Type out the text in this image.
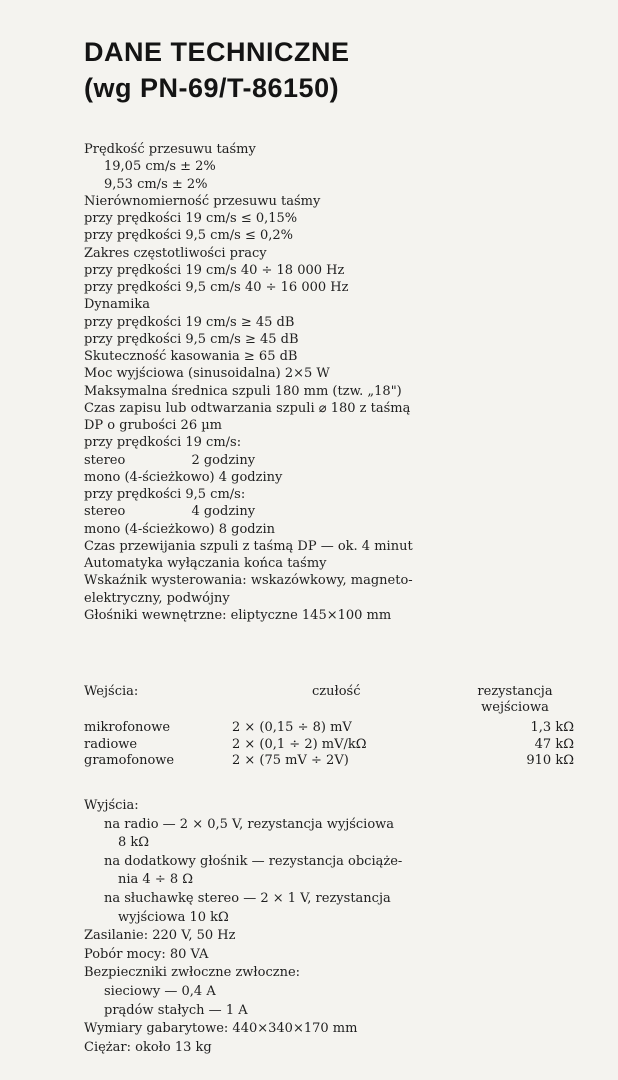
DANE TECHNICZNE
(wg PN-69/T-86150)
Prędkość przesuwu taśmy
19,05 cm/s ± 2%
9,53 cm/s ± 2%
Nierównomierność przesuwu taśmy
przy prędkości 19 cm/s ≤ 0,15%
przy prędkości 9,5 cm/s ≤ 0,2%
Zakres częstotliwości pracy
przy prędkości 19 cm/s 40 ÷ 18 000 Hz
przy prędkości 9,5 cm/s 40 ÷ 16 000 Hz
Dynamika
przy prędkości 19 cm/s ≥ 45 dB
przy prędkości 9,5 cm/s ≥ 45 dB
Skuteczność kasowania ≥ 65 dB
Moc wyjściowa (sinusoidalna) 2×5 W
Maksymalna średnica szpuli 180 mm (tzw. „18")
Czas zapisu lub odtwarzania szpuli ⌀ 180 z taśmą
DP o grubości 26 µm
przy prędkości 19 cm/s:
stereo                2 godziny
mono (4-ścieżkowo) 4 godziny
przy prędkości 9,5 cm/s:
stereo                4 godziny
mono (4-ścieżkowo) 8 godzin
Czas przewijania szpuli z taśmą DP — ok. 4 minut
Automatyka wyłączania końca taśmy
Wskaźnik wysterowania: wskazówkowy, magneto-
elektryczny, podwójny
Głośniki wewnętrzne: eliptyczne 145×100 mm
Wejścia:	czułość	rezystancja
wejściowa
mikrofonowe	2 × (0,15 ÷ 8) mV	1,3 kΩ
radiowe	2 × (0,1 ÷ 2) mV/kΩ	47 kΩ
gramofonowe	2 × (75 mV ÷ 2V)	910 kΩ
Wyjścia:
na radio — 2 × 0,5 V, rezystancja wyjściowa
8 kΩ
na dodatkowy głośnik — rezystancja obciąże-
nia 4 ÷ 8 Ω
na słuchawkę stereo — 2 × 1 V, rezystancja
wyjściowa 10 kΩ
Zasilanie: 220 V, 50 Hz
Pobór mocy: 80 VA
Bezpieczniki zwłoczne zwłoczne:
sieciowy — 0,4 A
prądów stałych — 1 A
Wymiary gabarytowe: 440×340×170 mm
Ciężar: około 13 kg
